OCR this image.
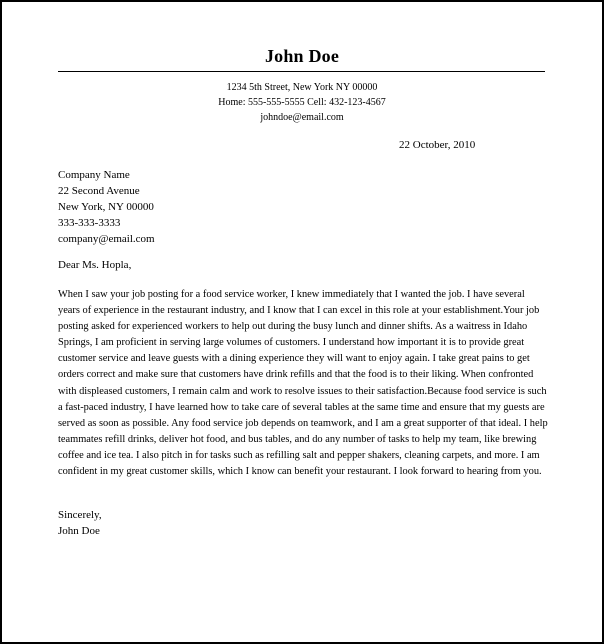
John Doe
1234 5th Street, New York NY 00000
Home: 555-555-5555 Cell: 432-123-4567
johndoe@email.com
22 October, 2010
Company Name
22 Second Avenue
New York, NY 00000
333-333-3333
company@email.com
Dear Ms. Hopla,
When I saw your job posting for a food service worker, I knew immediately that I wanted the job. I have several years of experience in the restaurant industry, and I know that I can excel in this role at your establishment.Your job posting asked for experienced workers to help out during the busy lunch and dinner shifts. As a waitress in Idaho Springs, I am proficient in serving large volumes of customers. I understand how important it is to provide great customer service and leave guests with a dining experience they will want to enjoy again. I take great pains to get orders correct and make sure that customers have drink refills and that the food is to their liking. When confronted with displeased customers, I remain calm and work to resolve issues to their satisfaction.Because food service is such a fast-paced industry, I have learned how to take care of several tables at the same time and ensure that my guests are served as soon as possible. Any food service job depends on teamwork, and I am a great supporter of that ideal. I help teammates refill drinks, deliver hot food, and bus tables, and do any number of tasks to help my team, like brewing coffee and ice tea. I also pitch in for tasks such as refilling salt and pepper shakers, cleaning carpets, and more. I am confident in my great customer skills, which I know can benefit your restaurant. I look forward to hearing from you.
Sincerely,
John Doe
